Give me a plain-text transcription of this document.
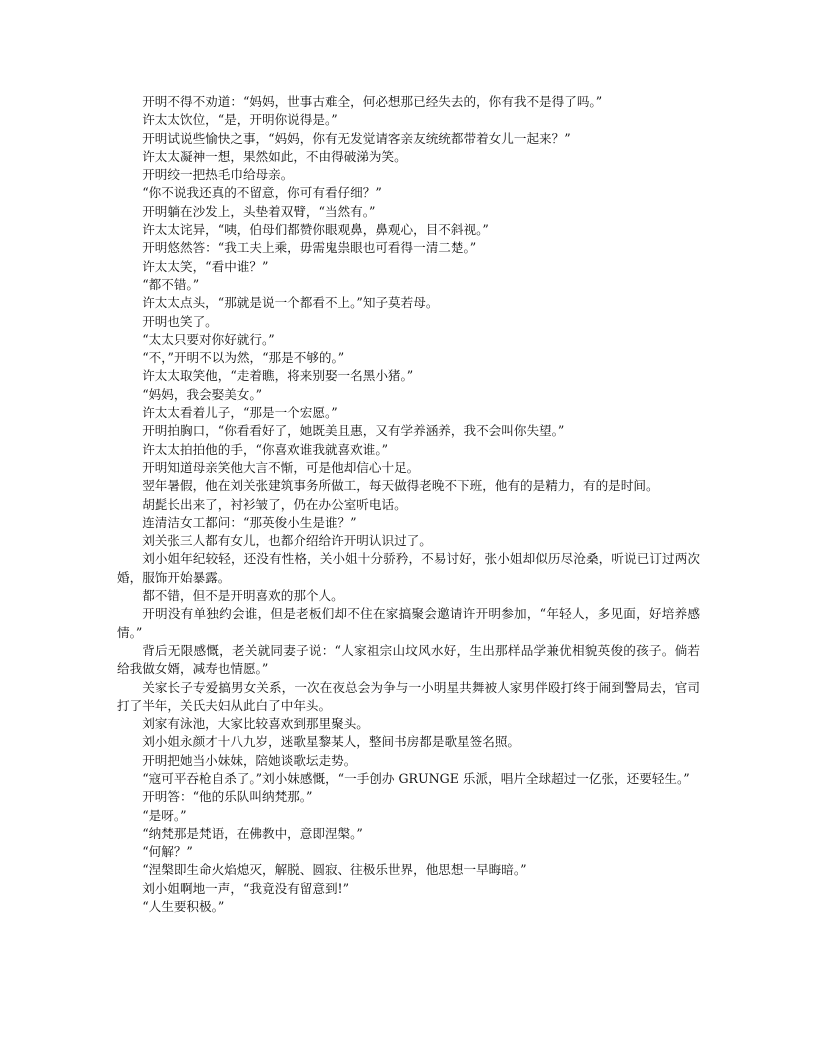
开明不得不劝道：“妈妈，世事古难全，何必想那已经失去的，你有我不是得了吗。”

许太太饮位，“是，开明你说得是。”

开明试说些愉快之事，“妈妈，你有无发觉请客亲友统统都带着女儿一起来？”

许太太凝神一想，果然如此，不由得破涕为笑。

开明绞一把热毛巾给母亲。

“你不说我还真的不留意，你可有看仔细？”

开明躺在沙发上，头垫着双臂，“当然有。”

许太太诧异，“咦，伯母们都赞你眼观鼻，鼻观心，目不斜视。”

开明悠然答：“我工夫上乘，毋需鬼祟眼也可看得一清二楚。”

许太太笑，“看中谁？”

“都不错。”

许太太点头，“那就是说一个都看不上。”知子莫若母。

开明也笑了。

“太太只要对你好就行。”

“不，”开明不以为然，“那是不够的。”

许太太取笑他，“走着瞧，将来别娶一名黑小猪。”

“妈妈，我会娶美女。”

许太太看着儿子，“那是一个宏愿。”

开明拍胸口，“你看看好了，她既美且惠，又有学养涵养，我不会叫你失望。”

许太太拍拍他的手，“你喜欢谁我就喜欢谁。”

开明知道母亲笑他大言不惭，可是他却信心十足。

翌年暑假，他在刘关张建筑事务所做工，每天做得老晚不下班，他有的是精力，有的是时间。

胡髭长出来了，衬衫皱了，仍在办公室听电话。

连清洁女工都问：“那英俊小生是谁？”

刘关张三人都有女儿，也都介绍给许开明认识过了。

刘小姐年纪较轻，还没有性格，关小姐十分骄矜，不易讨好，张小姐却似历尽沧桑，听说已订过两次婚，服饰开始暴露。

都不错，但不是开明喜欢的那个人。

开明没有单独约会谁，但是老板们却不住在家搞聚会邀请许开明参加，“年轻人，多见面，好培养感情。”

背后无限感慨，老关就同妻子说：“人家祖宗山坟风水好，生出那样品学兼优相貌英俊的孩子。倘若给我做女婿，减寿也情愿。”

关家长子专爱搞男女关系，一次在夜总会为争与一小明星共舞被人家男伴殴打终于闹到警局去，官司打了半年，关氏夫妇从此白了中年头。

刘家有泳池，大家比较喜欢到那里聚头。

刘小姐永颜才十八九岁，迷歌星黎某人，整间书房都是歌星签名照。

开明把她当小妹妹，陪她谈歌坛走势。

“寇可平吞枪自杀了。”刘小妹感慨，“一手创办 GRUNGE 乐派，唱片全球超过一亿张，还要轻生。”

开明答：“他的乐队叫纳梵那。”

“是呀。”

“纳梵那是梵语，在佛教中，意即涅槃。”

“何解？”

“涅槃即生命火焰熄灭，解脱、圆寂、往极乐世界，他思想一早晦暗。”

刘小姐啊地一声，“我竟没有留意到!”

“人生要积极。”
